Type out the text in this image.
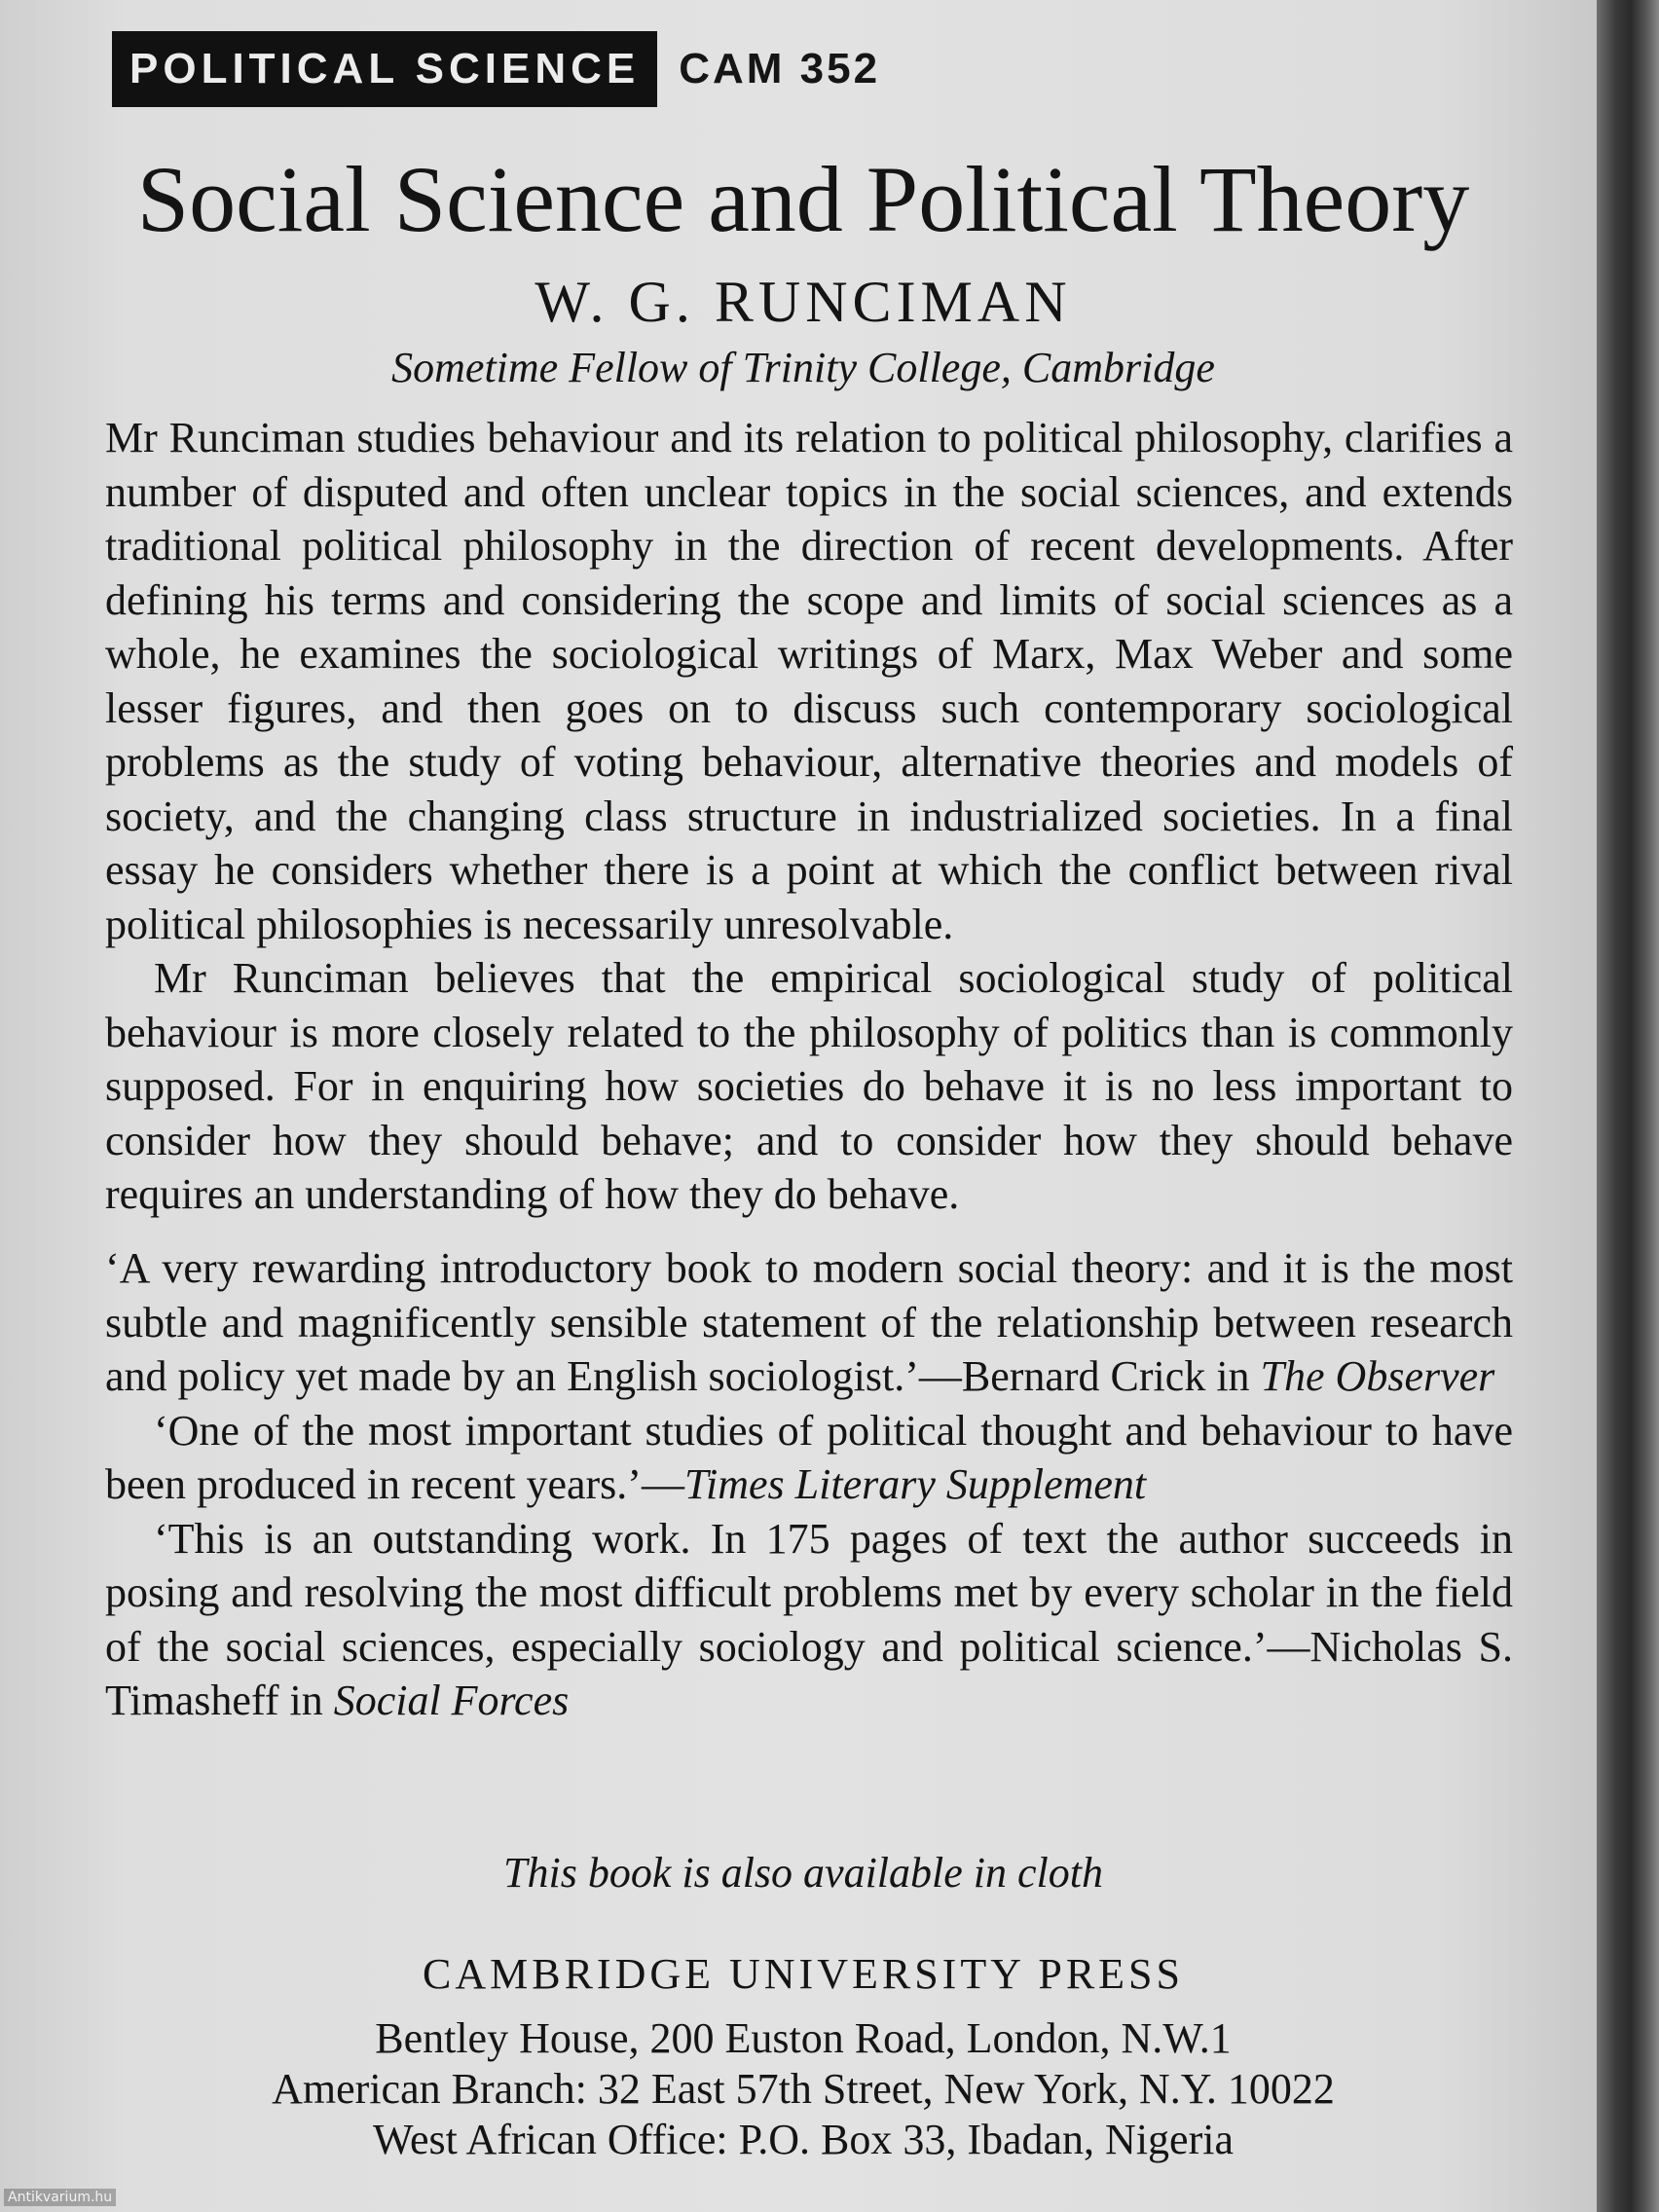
POLITICAL SCIENCE CAM 352
Social Science and Political Theory
W. G. RUNCIMAN
Sometime Fellow of Trinity College, Cambridge

Mr Runciman studies behaviour and its relation to political philosophy, clarifies a number of disputed and often unclear topics in the social sciences, and extends traditional political philosophy in the direction of recent developments. After defining his terms and considering the scope and limits of social sciences as a whole, he examines the sociological writings of Marx, Max Weber and some lesser figures, and then goes on to discuss such contemporary sociological problems as the study of voting behaviour, alternative theories and models of society, and the changing class structure in industrialized societies. In a final essay he considers whether there is a point at which the conflict between rival political philosophies is necessarily unresolvable.

Mr Runciman believes that the empirical sociological study of political behaviour is more closely related to the philosophy of politics than is commonly supposed. For in enquiring how societies do behave it is no less important to consider how they should behave; and to consider how they should behave requires an understanding of how they do behave.

‘A very rewarding introductory book to modern social theory: and it is the most subtle and magnificently sensible statement of the relationship between research and policy yet made by an English sociologist.’—Bernard Crick in The Observer

‘One of the most important studies of political thought and behaviour to have been produced in recent years.’—Times Literary Supplement

‘This is an outstanding work. In 175 pages of text the author succeeds in posing and resolving the most difficult problems met by every scholar in the field of the social sciences, especially sociology and political science.’—Nicholas S. Timasheff in Social Forces

This book is also available in cloth
CAMBRIDGE UNIVERSITY PRESS
Bentley House, 200 Euston Road, London, N.W.1
American Branch: 32 East 57th Street, New York, N.Y. 10022
West African Office: P.O. Box 33, Ibadan, Nigeria
Antikvarium.hu
